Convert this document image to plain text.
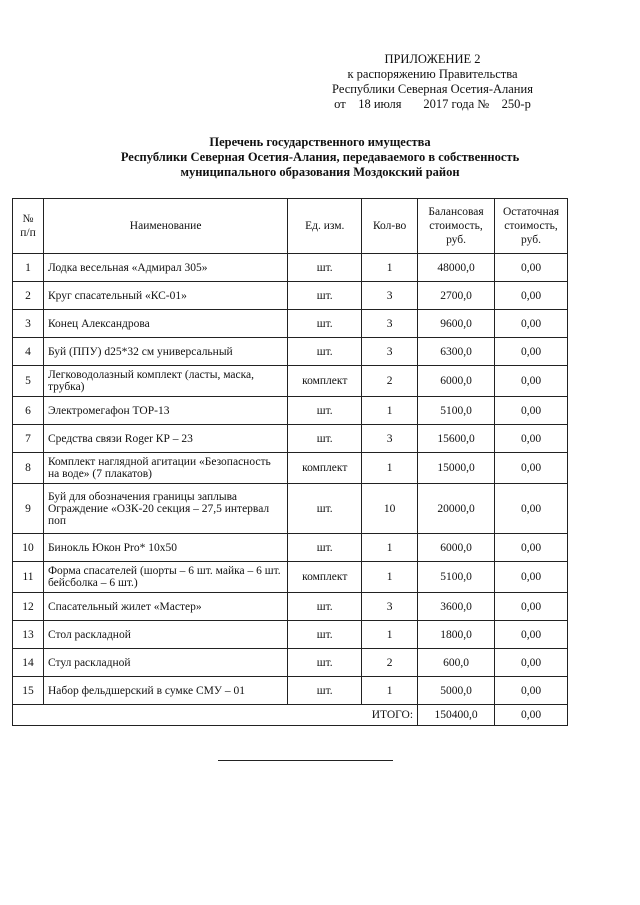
ПРИЛОЖЕНИЕ 2
к распоряжению Правительства
Республики Северная Осетия-Алания
от    18 июля       2017 года №    250-р
Перечень государственного имущества
Республики Северная Осетия-Алания, передаваемого в собственность
муниципального образования Моздокский район
№ п/п	Наименование	Ед. изм.	Кол-во	Балансовая стоимость, руб.	Остаточная стоимость, руб.
1	Лодка весельная «Адмирал 305»	шт.	1	48000,0	0,00
2	Круг спасательный «КС-01»	шт.	3	2700,0	0,00
3	Конец Александрова	шт.	3	9600,0	0,00
4	Буй (ППУ) d25*32 см универсальный	шт.	3	6300,0	0,00
5	Легководолазный комплект (ласты, маска, трубка)	комплект	2	6000,0	0,00
6	Электромегафон ТОР-13	шт.	1	5100,0	0,00
7	Средства связи Roger КР – 23	шт.	3	15600,0	0,00
8	Комплект наглядной агитации «Безопасность на воде» (7 плакатов)	комплект	1	15000,0	0,00
9	Буй для обозначения границы заплыва Ограждение «ОЗК-20 секция – 27,5 интервал поп	шт.	10	20000,0	0,00
10	Бинокль Юкон Pro* 10x50	шт.	1	6000,0	0,00
11	Форма спасателей (шорты – 6 шт. майка – 6 шт. бейсболка – 6 шт.)	комплект	1	5100,0	0,00
12	Спасательный жилет «Мастер»	шт.	3	3600,0	0,00
13	Стол раскладной	шт.	1	1800,0	0,00
14	Стул раскладной	шт.	2	600,0	0,00
15	Набор фельдшерский в сумке СМУ – 01	шт.	1	5000,0	0,00
ИТОГО:				150400,0	0,00
